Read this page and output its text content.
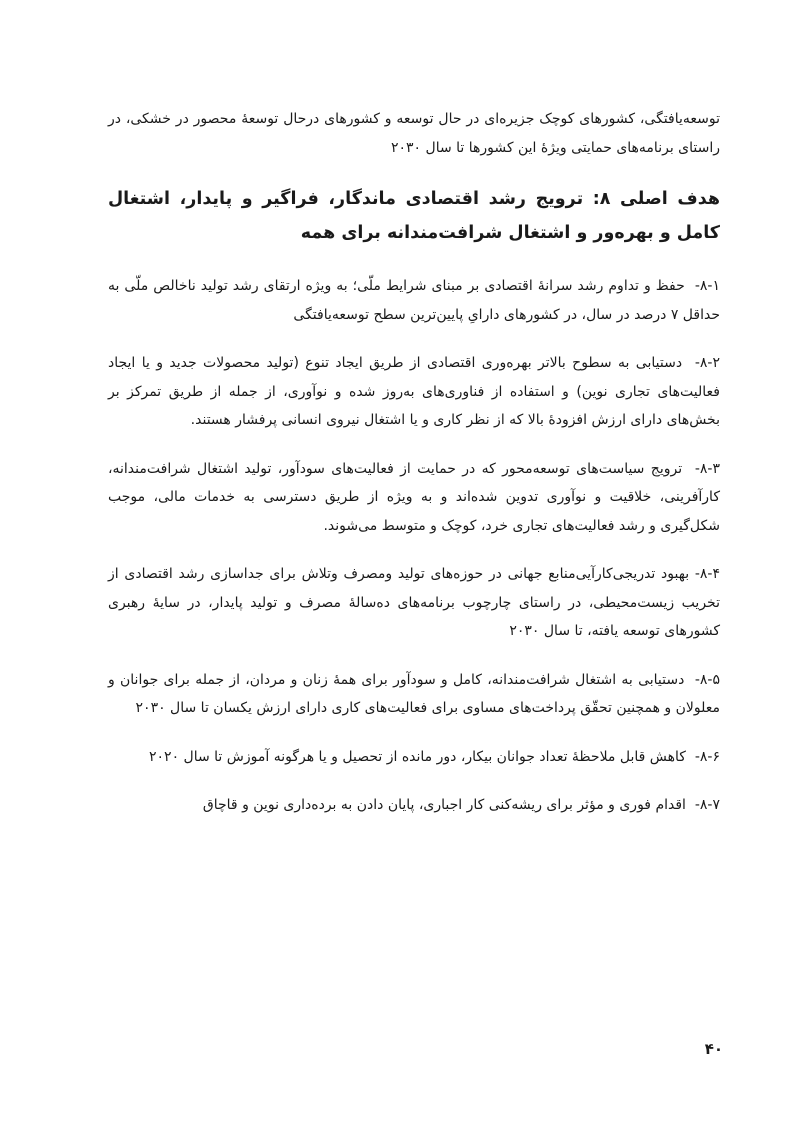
توسعه‌یافتگی، کشورهای کوچک جزیره‌ای در حال توسعه و کشورهای درحال توسعۀ محصور در خشکی، در راستای برنامه‌های حمایتی ویژۀ این کشورها تا سال ۲۰۳۰

هدف اصلی ۸: ترویج رشد اقتصادی ماندگار، فراگیر و پایدار، اشتغال کامل و بهره‌ور و اشتغال شرافت‌مندانه برای همه

۸-۱-  حفظ و تداوم رشد سرانۀ اقتصادی بر مبنای شرایط ملّی؛ به ویژه ارتقای رشد تولید ناخالص ملّی به حداقل ۷ درصد در سال، در کشورهای دارایِ پایین‌ترین سطح توسعه‌یافتگی

۸-۲-  دستیابی به سطوح بالاتر بهره‌وری اقتصادی از طریق ایجاد تنوع (تولید محصولات جدید و یا ایجاد فعالیت‌های تجاری نوین) و استفاده از فناوری‌های به‌روز شده و نوآوری، از جمله از طریق تمرکز بر بخش‌های دارای ارزش افزودۀ بالا که از نظر کاری و یا اشتغال نیروی انسانی پرفشار هستند.

۸-۳-  ترویج سیاست‌های توسعه‌محور که در حمایت از فعالیت‌های سودآور، تولید اشتغال شرافت‌مندانه، کارآفرینی، خلاقیت و نوآوری تدوین شده‌اند و به ویژه از طریق دسترسی به خدمات مالی، موجب شکل‌گیری و رشد فعالیت‌های تجاری خرد، کوچک و متوسط می‌شوند.

۸-۴- بهبود تدریجی‌کارآیی‌منابع جهانی در حوزه‌های تولید ومصرف وتلاش برای جداسازی رشد اقتصادی از تخریب زیست‌محیطی، در راستای چارچوب برنامه‌های دەسالۀ مصرف و تولید پایدار، در سایۀ رهبری کشورهای توسعه یافته، تا سال ۲۰۳۰

۸-۵-  دستیابی به اشتغال شرافت‌مندانه، کامل و سودآور برای همۀ زنان و مردان، از جمله برای جوانان و معلولان و همچنین تحقّق پرداخت‌های مساوی برای فعالیت‌های کاری دارای ارزش یکسان تا سال ۲۰۳۰

۸-۶-  کاهش قابل ملاحظۀ تعداد جوانان بیکار، دور مانده از تحصیل و یا هرگونه آموزش تا سال ۲۰۲۰

۸-۷-  اقدام فوری و مؤثر برای ریشه‌کنی کار اجباری، پایان دادن به برده‌داری نوین و قاچاق

۴۰
